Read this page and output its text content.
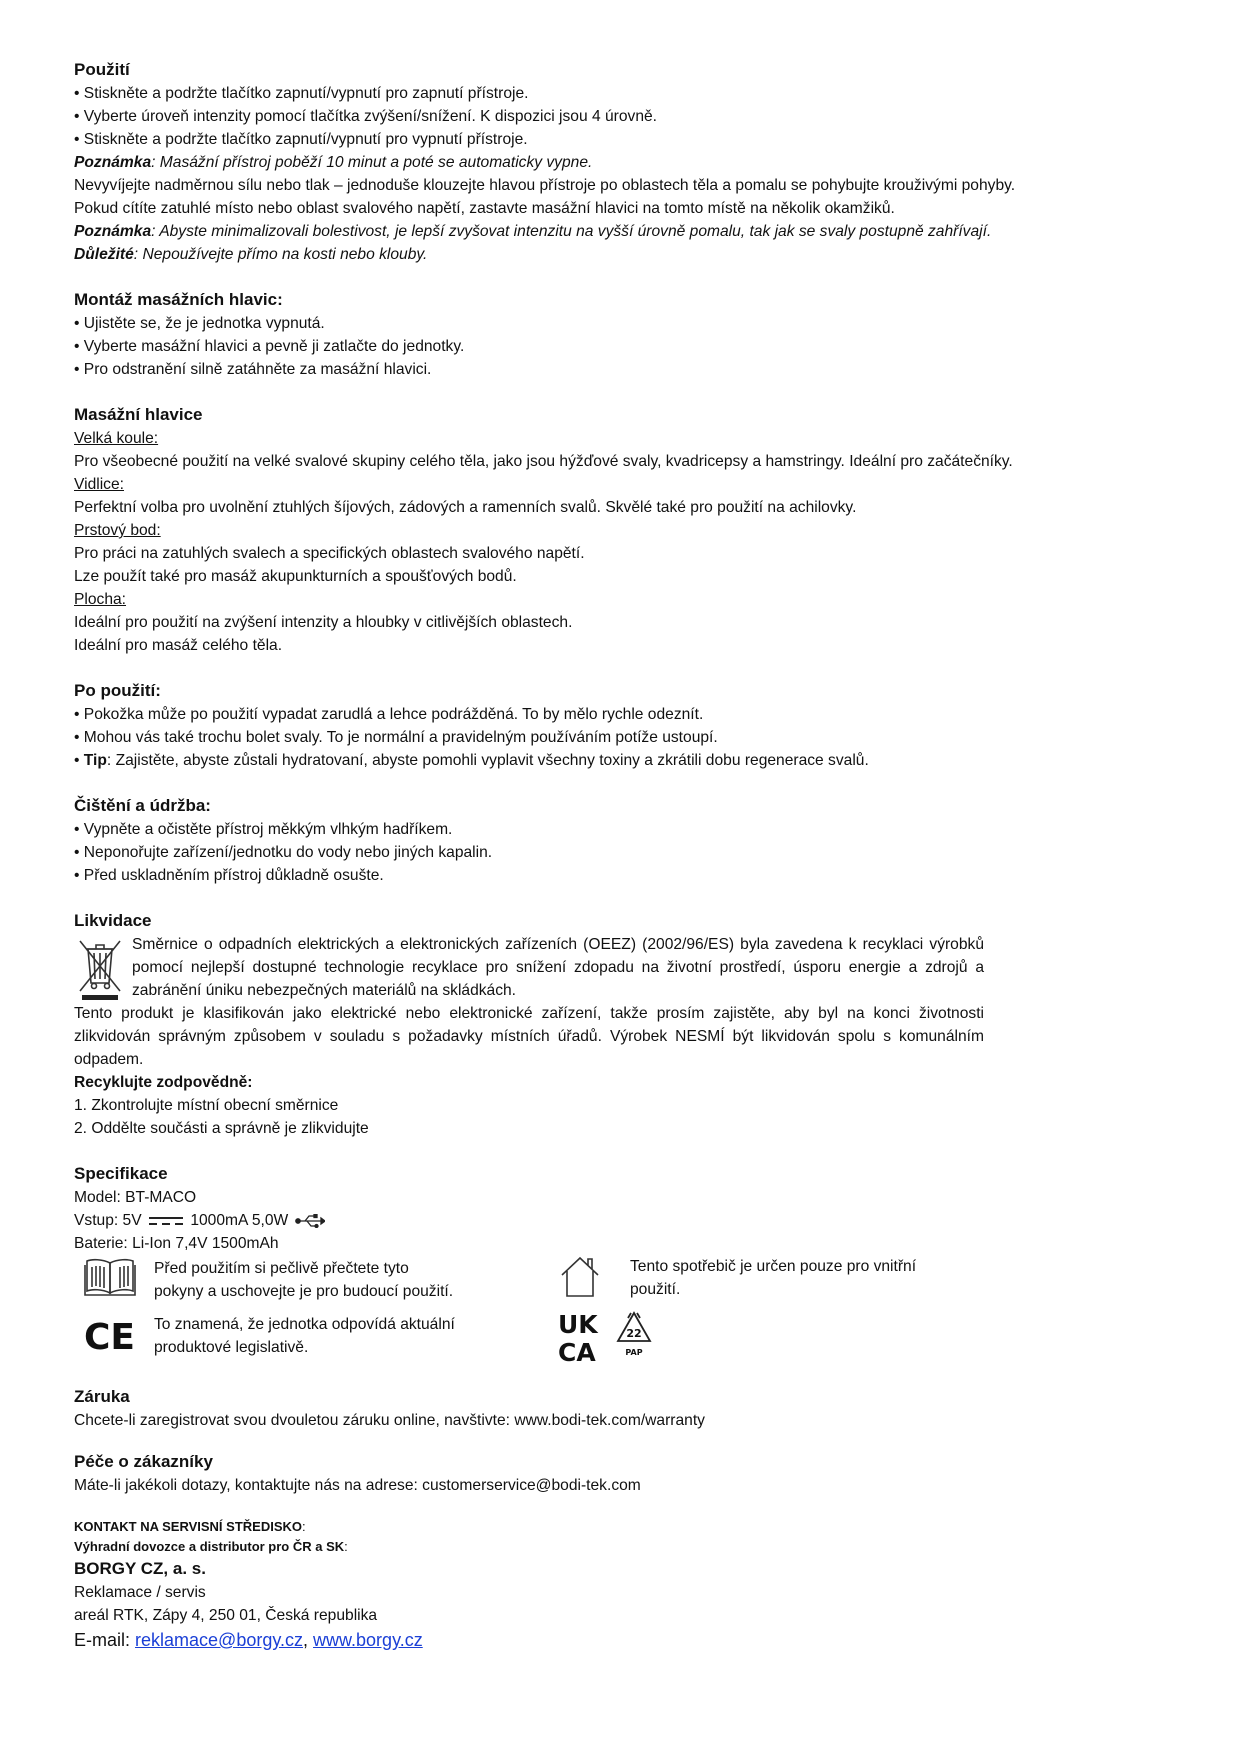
Použití

• Stiskněte a podržte tlačítko zapnutí/vypnutí pro zapnutí přístroje.

• Vyberte úroveň intenzity pomocí tlačítka zvýšení/snížení. K dispozici jsou 4 úrovně.

• Stiskněte a podržte tlačítko zapnutí/vypnutí pro vypnutí přístroje.

Poznámka: Masážní přístroj poběží 10 minut a poté se automaticky vypne.

Nevyvíjejte nadměrnou sílu nebo tlak – jednoduše klouzejte hlavou přístroje po oblastech těla a pomalu se pohybujte krouživými pohyby.

Pokud cítíte zatuhlé místo nebo oblast svalového napětí, zastavte masážní hlavici na tomto místě na několik okamžiků.

Poznámka: Abyste minimalizovali bolestivost, je lepší zvyšovat intenzitu na vyšší úrovně pomalu, tak jak se svaly postupně zahřívají.

Důležité: Nepoužívejte přímo na kosti nebo klouby.

Montáž masážních hlavic:

• Ujistěte se, že je jednotka vypnutá.

• Vyberte masážní hlavici a pevně ji zatlačte do jednotky.

• Pro odstranění silně zatáhněte za masážní hlavici.

Masážní hlavice

Velká koule:

Pro všeobecné použití na velké svalové skupiny celého těla, jako jsou hýžďové svaly, kvadricepsy a hamstringy. Ideální pro začátečníky.

Vidlice:

Perfektní volba pro uvolnění ztuhlých šíjových, zádových a ramenních svalů. Skvělé také pro použití na achilovky.

Prstový bod:

Pro práci na zatuhlých svalech a specifických oblastech svalového napětí.

Lze použít také pro masáž akupunkturních a spoušťových bodů.

Plocha:

Ideální pro použití na zvýšení intenzity a hloubky v citlivějších oblastech.

Ideální pro masáž celého těla.

Po použití:

• Pokožka může po použití vypadat zarudlá a lehce podrážděná. To by mělo rychle odeznít.

• Mohou vás také trochu bolet svaly. To je normální a pravidelným používáním potíže ustoupí.

• Tip: Zajistěte, abyste zůstali hydratovaní, abyste pomohli vyplavit všechny toxiny a zkrátili dobu regenerace svalů.

Čištění a údržba:

• Vypněte a očistěte přístroj měkkým vlhkým hadříkem.

• Neponořujte zařízení/jednotku do vody nebo jiných kapalin.

• Před uskladněním přístroj důkladně osušte.

Likvidace

Směrnice o odpadních elektrických a elektronických zařízeních (OEEZ) (2002/96/ES) byla zavedena k recyklaci výrobků pomocí nejlepší dostupné technologie recyklace pro snížení zdopadu na životní prostředí, úsporu energie a zdrojů a zabránění úniku nebezpečných materiálů na skládkách.

Tento produkt je klasifikován jako elektrické nebo elektronické zařízení, takže prosím zajistěte, aby byl na konci životnosti zlikvidován správným způsobem v souladu s požadavky místních úřadů. Výrobek NESMÍ být likvidován spolu s komunálním odpadem.

Recyklujte zodpovědně:

1. Zkontrolujte místní obecní směrnice

2. Oddělte součásti a správně je zlikvidujte

Specifikace

Model: BT-MACO

Vstup: 5V	1000mA 5,0W

Baterie: Li-Ion 7,4V 1500mAh

Před použitím si pečlivě přečtete tyto
pokyny a uschovejte je pro budoucí použití.
Tento spotřebič je určen pouze pro vnitřní
použití.
CE To znamená, že jednotka odpovídá aktuální
produktové legislativě.
UK
CA
22
PAP

Záruka

Chcete-li zaregistrovat svou dvouletou záruku online, navštivte: www.bodi-tek.com/warranty

Péče o zákazníky

Máte-li jakékoli dotazy, kontaktujte nás na adrese: customerservice@bodi-tek.com

KONTAKT NA SERVISNÍ STŘEDISKO:

Výhradní dovozce a distributor pro ČR a SK:

BORGY CZ, a. s.

Reklamace / servis

areál RTK, Zápy 4, 250 01, Česká republika

E-mail: reklamace@borgy.cz, www.borgy.cz
